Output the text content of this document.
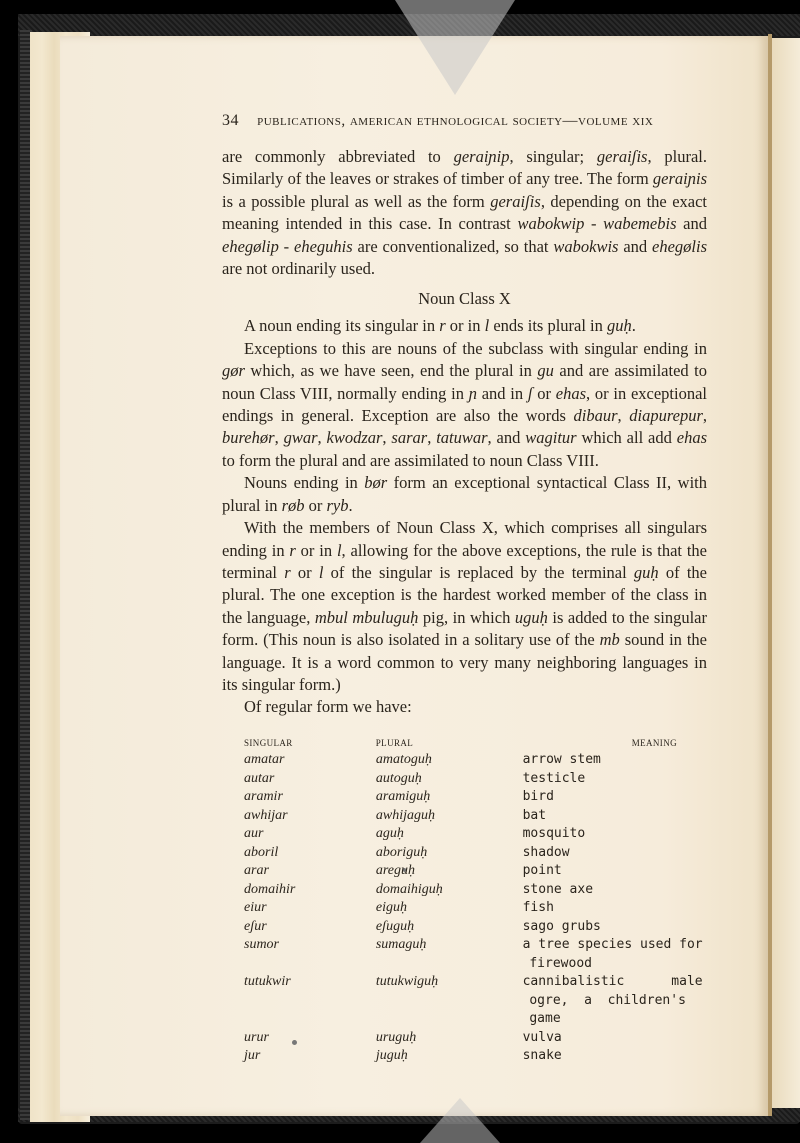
34 publications, american ethnological society—volume xix

are commonly abbreviated to geraiɲip, singular; geraiʃis, plural. Similarly of the leaves or strakes of timber of any tree. The form geraiɲis is a possible plural as well as the form geraiʃis, depending on the exact meaning intended in this case. In contrast wabokwip - wabemebis and ehegølip - eheguhis are conventionalized, so that wabokwis and ehegølis are not ordinarily used.

Noun Class X

A noun ending its singular in r or in l ends its plural in guḥ.

Exceptions to this are nouns of the subclass with singular ending in gør which, as we have seen, end the plural in gu and are assimilated to noun Class VIII, normally ending in ɲ and in ʃ or ehas, or in exceptional endings in general. Exception are also the words dibaur, diapurepur, burehør, gwar, kwodzar, sarar, tatuwar, and wagitur which all add ehas to form the plural and are assimilated to noun Class VIII.

Nouns ending in bør form an exceptional syntactical Class II, with plural in røb or ryb.

With the members of Noun Class X, which comprises all singulars ending in r or in l, allowing for the above exceptions, the rule is that the terminal r or l of the singular is replaced by the terminal guḥ of the plural. The one exception is the hardest worked member of the class in the language, mbul mbuluguḥ pig, in which uguḥ is added to the singular form. (This noun is also isolated in a solitary use of the mb sound in the language. It is a word common to very many neighboring languages in its singular form.)

Of regular form we have:

singular	plural	meaning
amatar	amatoguḥ	arrow stem
autar	autoguḥ	testicle
aramir	aramiguḥ	bird
awhijar	awhijaguḥ	bat
aur	aguḥ	mosquito
aboril	aboriguḥ	shadow
arar	areguḥ	point
domaihir	domaihiguḥ	stone axe
eiur	eiguḥ	fish
eʃur	eʃuguḥ	sago grubs
sumor	sumaguḥ	a tree species used for
firewood
tutukwir	tutukwiguḥ	cannibalistic      male
ogre,  a  children's
game
urur	uruguḥ	vulva
jur	juguḥ	snake
